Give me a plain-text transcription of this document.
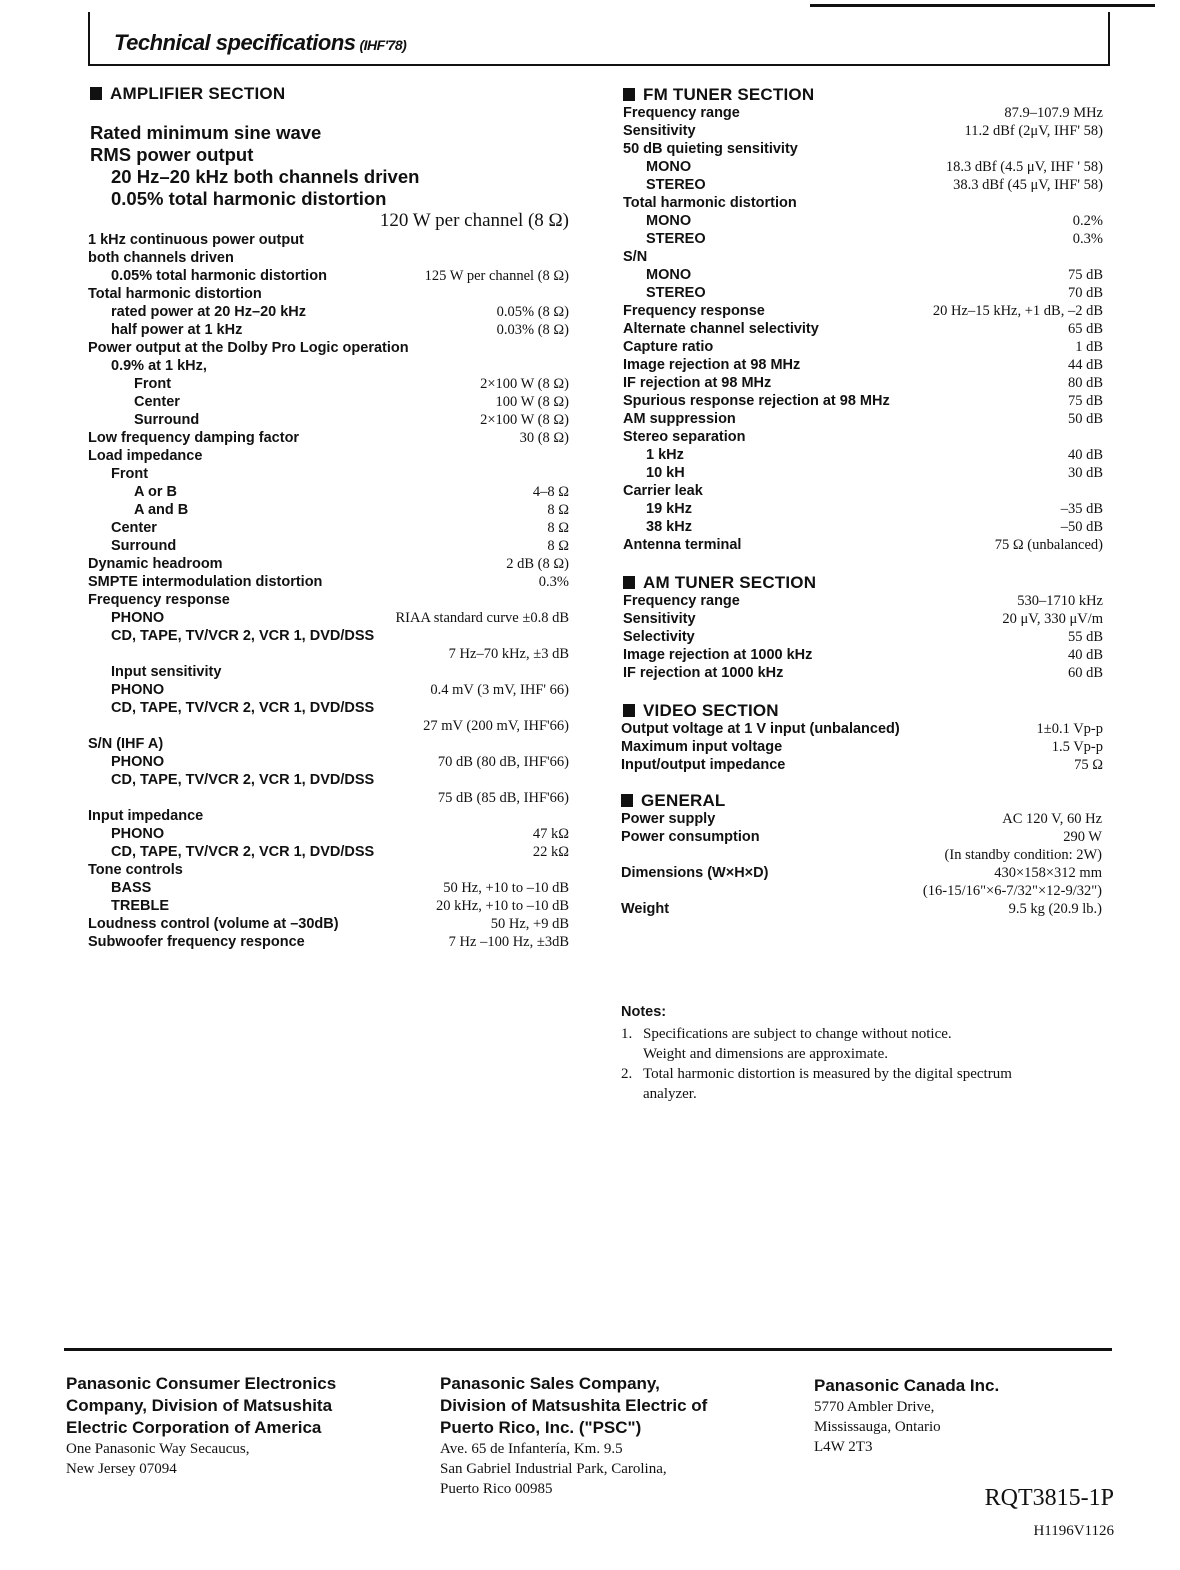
Technical specifications (IHF'78)
AMPLIFIER SECTION
Rated minimum sine wave
RMS power output
20 Hz–20 kHz both channels driven
0.05% total harmonic distortion
120 W per channel (8 Ω)
1 kHz continuous power output
both channels driven
0.05% total harmonic distortion	125 W per channel (8 Ω)
Total harmonic distortion
rated power at 20 Hz–20 kHz	0.05% (8 Ω)
half power at 1 kHz	0.03% (8 Ω)
Power output at the Dolby Pro Logic operation
0.9% at 1 kHz,
Front	2×100 W (8 Ω)
Center	100 W (8 Ω)
Surround	2×100 W (8 Ω)
Low frequency damping factor	30 (8 Ω)
Load impedance
Front
A or B	4–8 Ω
A and B	8 Ω
Center	8 Ω
Surround	8 Ω
Dynamic headroom	2 dB (8 Ω)
SMPTE intermodulation distortion	0.3%
Frequency response
PHONO	RIAA standard curve ±0.8 dB
CD, TAPE, TV/VCR 2, VCR 1, DVD/DSS
7 Hz–70 kHz, ±3 dB
Input sensitivity
PHONO	0.4 mV (3 mV, IHF' 66)
CD, TAPE, TV/VCR 2, VCR 1, DVD/DSS
27 mV (200 mV, IHF'66)
S/N (IHF A)
PHONO	70 dB (80 dB, IHF'66)
CD, TAPE, TV/VCR 2, VCR 1, DVD/DSS
75 dB (85 dB, IHF'66)
Input impedance
PHONO	47 kΩ
CD, TAPE, TV/VCR 2, VCR 1, DVD/DSS	22 kΩ
Tone controls
BASS	50 Hz, +10 to –10 dB
TREBLE	20 kHz, +10 to –10 dB
Loudness control (volume at –30dB)	50 Hz, +9 dB
Subwoofer frequency responce	7 Hz –100 Hz, ±3dB
FM TUNER SECTION
Frequency range	87.9–107.9 MHz
Sensitivity	11.2 dBf (2μV, IHF' 58)
50 dB quieting sensitivity
MONO	18.3 dBf (4.5 μV, IHF ' 58)
STEREO	38.3 dBf (45 μV, IHF' 58)
Total harmonic distortion
MONO	0.2%
STEREO	0.3%
S/N
MONO	75 dB
STEREO	70 dB
Frequency response	20 Hz–15 kHz, +1 dB, –2 dB
Alternate channel selectivity	65 dB
Capture ratio	1 dB
Image rejection at 98 MHz	44 dB
IF rejection at 98 MHz	80 dB
Spurious response rejection at 98 MHz	75 dB
AM suppression	50 dB
Stereo separation
1 kHz	40 dB
10 kH	30 dB
Carrier leak
19 kHz	–35 dB
38 kHz	–50 dB
Antenna terminal	75 Ω (unbalanced)
AM TUNER SECTION
Frequency range	530–1710 kHz
Sensitivity	20 μV, 330 μV/m
Selectivity	55 dB
Image rejection at 1000 kHz	40 dB
IF rejection at 1000 kHz	60 dB
VIDEO SECTION
Output voltage at 1 V input (unbalanced)	1±0.1 Vp-p
Maximum input voltage	1.5 Vp-p
Input/output impedance	75 Ω
GENERAL
Power supply	AC 120 V, 60 Hz
Power consumption	290 W
(In standby condition: 2W)
Dimensions (W×H×D)	430×158×312 mm
(16-15/16"×6-7/32"×12-9/32")
Weight	9.5 kg (20.9 lb.)
Notes:
1. Specifications are subject to change without notice.
Weight and dimensions are approximate.
2. Total harmonic distortion is measured by the digital spectrum
analyzer.
Panasonic Consumer Electronics
Company, Division of Matsushita
Electric Corporation of America
One Panasonic Way Secaucus,
New Jersey 07094
Panasonic Sales Company,
Division of Matsushita Electric of
Puerto Rico, Inc. ("PSC")
Ave. 65 de Infantería, Km. 9.5
San Gabriel Industrial Park, Carolina,
Puerto Rico 00985
Panasonic Canada Inc.
5770 Ambler Drive,
Mississauga, Ontario
L4W 2T3
RQT3815-1P
H1196V1126
